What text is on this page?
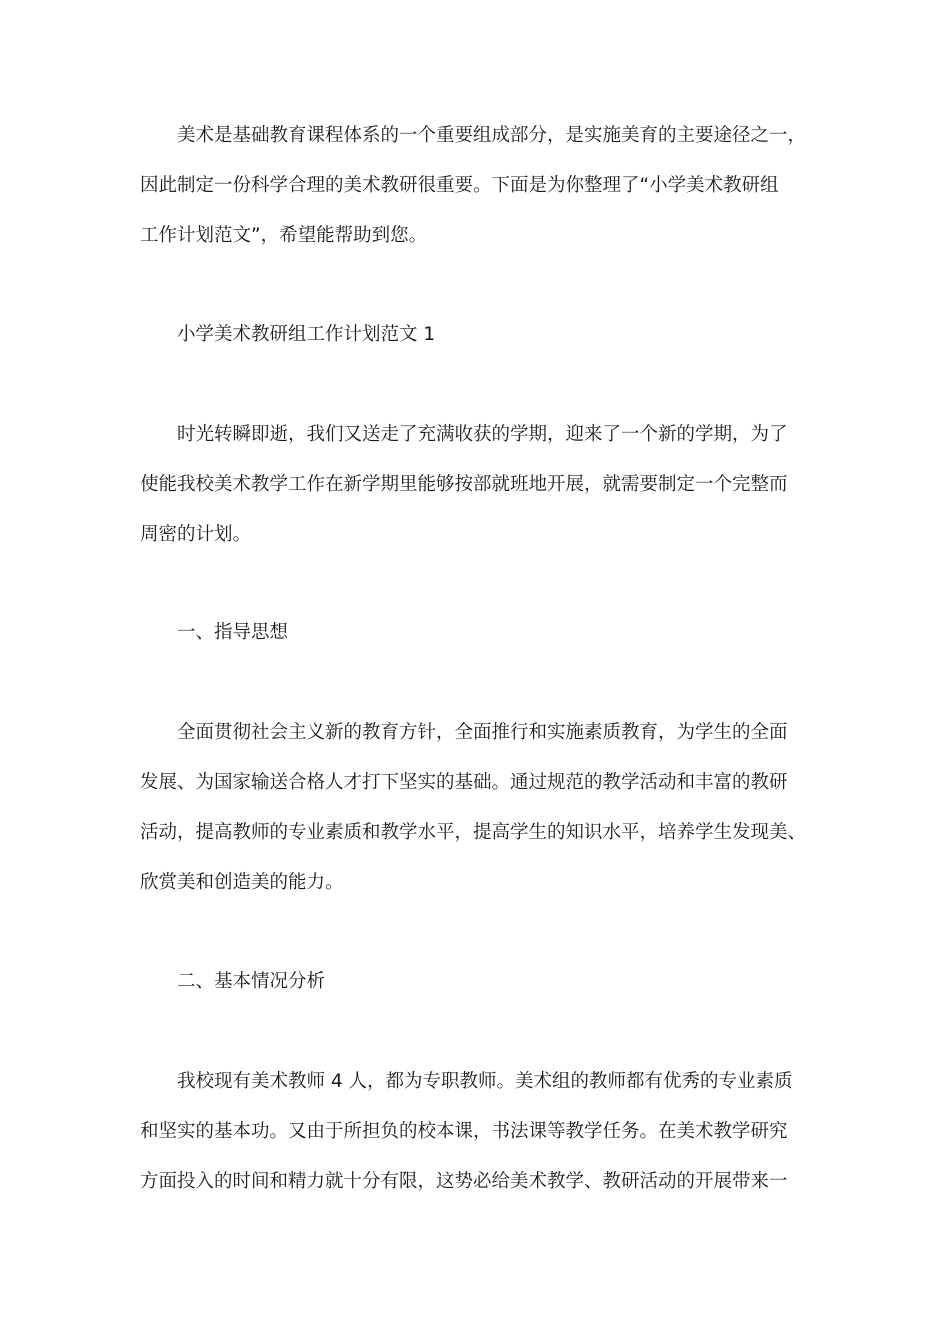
美术是基础教育课程体系的一个重要组成部分，是实施美育的主要途径之一，
因此制定一份科学合理的美术教研很重要。下面是为你整理了“小学美术教研组
工作计划范文”，希望能帮助到您。
小学美术教研组工作计划范文 1
时光转瞬即逝，我们又送走了充满收获的学期，迎来了一个新的学期，为了
使能我校美术教学工作在新学期里能够按部就班地开展，就需要制定一个完整而
周密的计划。
一、指导思想
全面贯彻社会主义新的教育方针，全面推行和实施素质教育，为学生的全面
发展、为国家输送合格人才打下坚实的基础。通过规范的教学活动和丰富的教研
活动，提高教师的专业素质和教学水平，提高学生的知识水平，培养学生发现美、
欣赏美和创造美的能力。
二、基本情况分析
我校现有美术教师 4 人，都为专职教师。美术组的教师都有优秀的专业素质
和坚实的基本功。又由于所担负的校本课，书法课等教学任务。在美术教学研究
方面投入的时间和精力就十分有限，这势必给美术教学、教研活动的开展带来一
